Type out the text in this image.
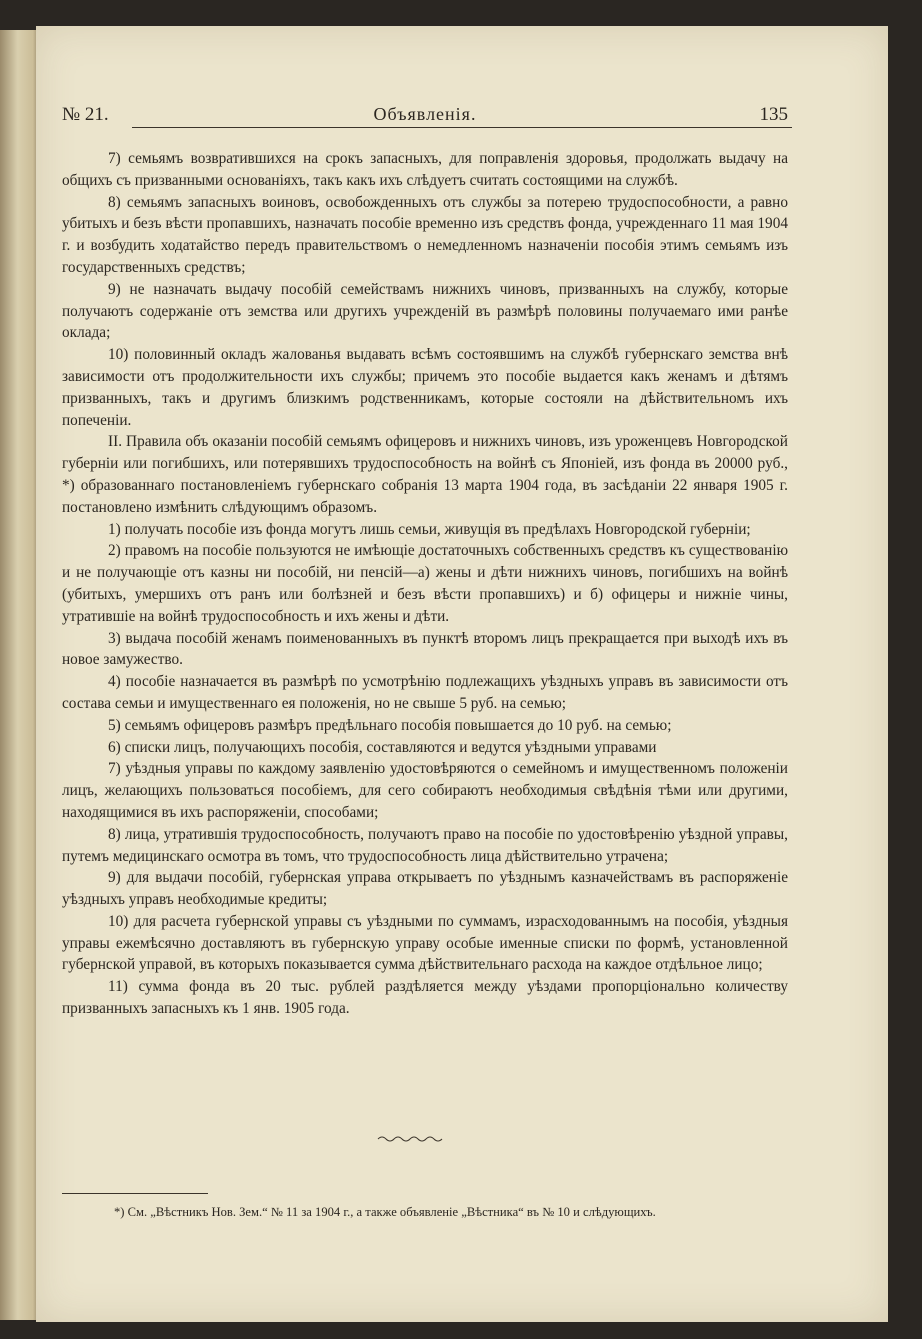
№ 21.	Объявленія.	135

7) семьямъ возвратившихся на срокъ запасныхъ, для поправленія здоровья, продолжать выдачу на общихъ съ призванными основаніяхъ, такъ какъ ихъ слѣдуетъ считать состоящими на службѣ.

8) семьямъ запасныхъ воиновъ, освобожденныхъ отъ службы за потерею трудоспособности, а равно убитыхъ и безъ вѣсти пропавшихъ, назначать пособіе временно изъ средствъ фонда, учрежденнаго 11 мая 1904 г. и возбудить ходатайство передъ правительствомъ о немедленномъ назначеніи пособія этимъ семьямъ изъ государственныхъ средствъ;

9) не назначать выдачу пособій семействамъ нижнихъ чиновъ, призванныхъ на службу, которые получаютъ содержаніе отъ земства или другихъ учрежденій въ размѣрѣ половины получаемаго ими ранѣе оклада;

10) половинный окладъ жалованья выдавать всѣмъ состоявшимъ на службѣ губернскаго земства внѣ зависимости отъ продолжительности ихъ службы; причемъ это пособіе выдается какъ женамъ и дѣтямъ призванныхъ, такъ и другимъ близкимъ родственникамъ, которые состояли на дѣйствительномъ ихъ попеченіи.

II. Правила объ оказаніи пособій семьямъ офицеровъ и нижнихъ чиновъ, изъ уроженцевъ Новгородской губерніи или погибшихъ, или потерявшихъ трудоспособность на войнѣ съ Японіей, изъ фонда въ 20000 руб., *) образованнаго постановленіемъ губернскаго собранія 13 марта 1904 года, въ засѣданіи 22 января 1905 г. постановлено измѣнить слѣдующимъ образомъ.

1) получать пособіе изъ фонда могутъ лишь семьи, живущія въ предѣлахъ Новгородской губерніи;

2) правомъ на пособіе пользуются не имѣющіе достаточныхъ собственныхъ средствъ къ существованію и не получающіе отъ казны ни пособій, ни пенсій—а) жены и дѣти нижнихъ чиновъ, погибшихъ на войнѣ (убитыхъ, умершихъ отъ ранъ или болѣзней и безъ вѣсти пропавшихъ) и б) офицеры и нижніе чины, утратившіе на войнѣ трудоспособность и ихъ жены и дѣти.

3) выдача пособій женамъ поименованныхъ въ пунктѣ второмъ лицъ прекращается при выходѣ ихъ въ новое замужество.

4) пособіе назначается въ размѣрѣ по усмотрѣнію подлежащихъ уѣздныхъ управъ въ зависимости отъ состава семьи и имущественнаго ея положенія, но не свыше 5 руб. на семью;

5) семьямъ офицеровъ размѣръ предѣльнаго пособія повышается до 10 руб. на семью;

6) списки лицъ, получающихъ пособія, составляются и ведутся уѣздными управами

7) уѣздныя управы по каждому заявленію удостовѣряются о семейномъ и имущественномъ положеніи лицъ, желающихъ пользоваться пособіемъ, для сего собираютъ необходимыя свѣдѣнія тѣми или другими, находящимися въ ихъ распоряженіи, способами;

8) лица, утратившія трудоспособность, получаютъ право на пособіе по удостовѣренію уѣздной управы, путемъ медицинскаго осмотра въ томъ, что трудоспособность лица дѣйствительно утрачена;

9) для выдачи пособій, губернская управа открываетъ по уѣзднымъ казначействамъ въ распоряженіе уѣздныхъ управъ необходимые кредиты;

10) для расчета губернской управы съ уѣздными по суммамъ, израсходованнымъ на пособія, уѣздныя управы ежемѣсячно доставляютъ въ губернскую управу особые именные списки по формѣ, установленной губернской управой, въ которыхъ показывается сумма дѣйствительнаго расхода на каждое отдѣльное лицо;

11) сумма фонда въ 20 тыс. рублей раздѣляется между уѣздами пропорціонально количеству призванныхъ запасныхъ къ 1 янв. 1905 года.

*) См. „Вѣстникъ Нов. Зем.“ № 11 за 1904 г., а также объявленіе „Вѣстника“ въ № 10 и слѣдующихъ.
